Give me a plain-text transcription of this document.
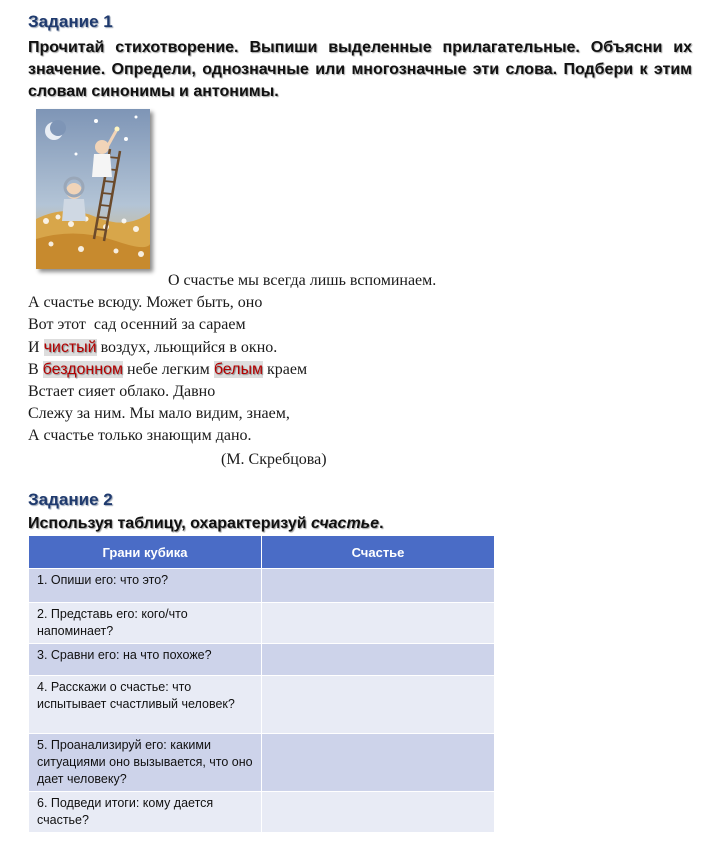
Задание 1
Прочитай стихотворение. Выпиши выделенные прилагательные. Объясни их значение. Определи, однозначные или многозначные эти слова. Подбери к этим словам синонимы и антонимы.
О счастье мы всегда лишь вспоминаем.
А счастье всюду. Может быть, оно
Вот этот  сад осенний за сараем
И чистый воздух, льющийся в окно.
В бездонном небе легким белым краем
Встает сияет облако. Давно
Слежу за ним. Мы мало видим, знаем,
А счастье только знающим дано.
(М. Скребцова)
Задание 2
Используя таблицу, охарактеризуй счастье.
Грани кубика	Счастье
1. Опиши его: что это?	
2. Представь его: кого/что напоминает?	
3. Сравни его: на что похоже?	
4. Расскажи о счастье: что испытывает счастливый человек?	
5. Проанализируй его: какими ситуациями оно вызывается, что оно дает человеку?	
6. Подведи итоги: кому дается счастье?	
